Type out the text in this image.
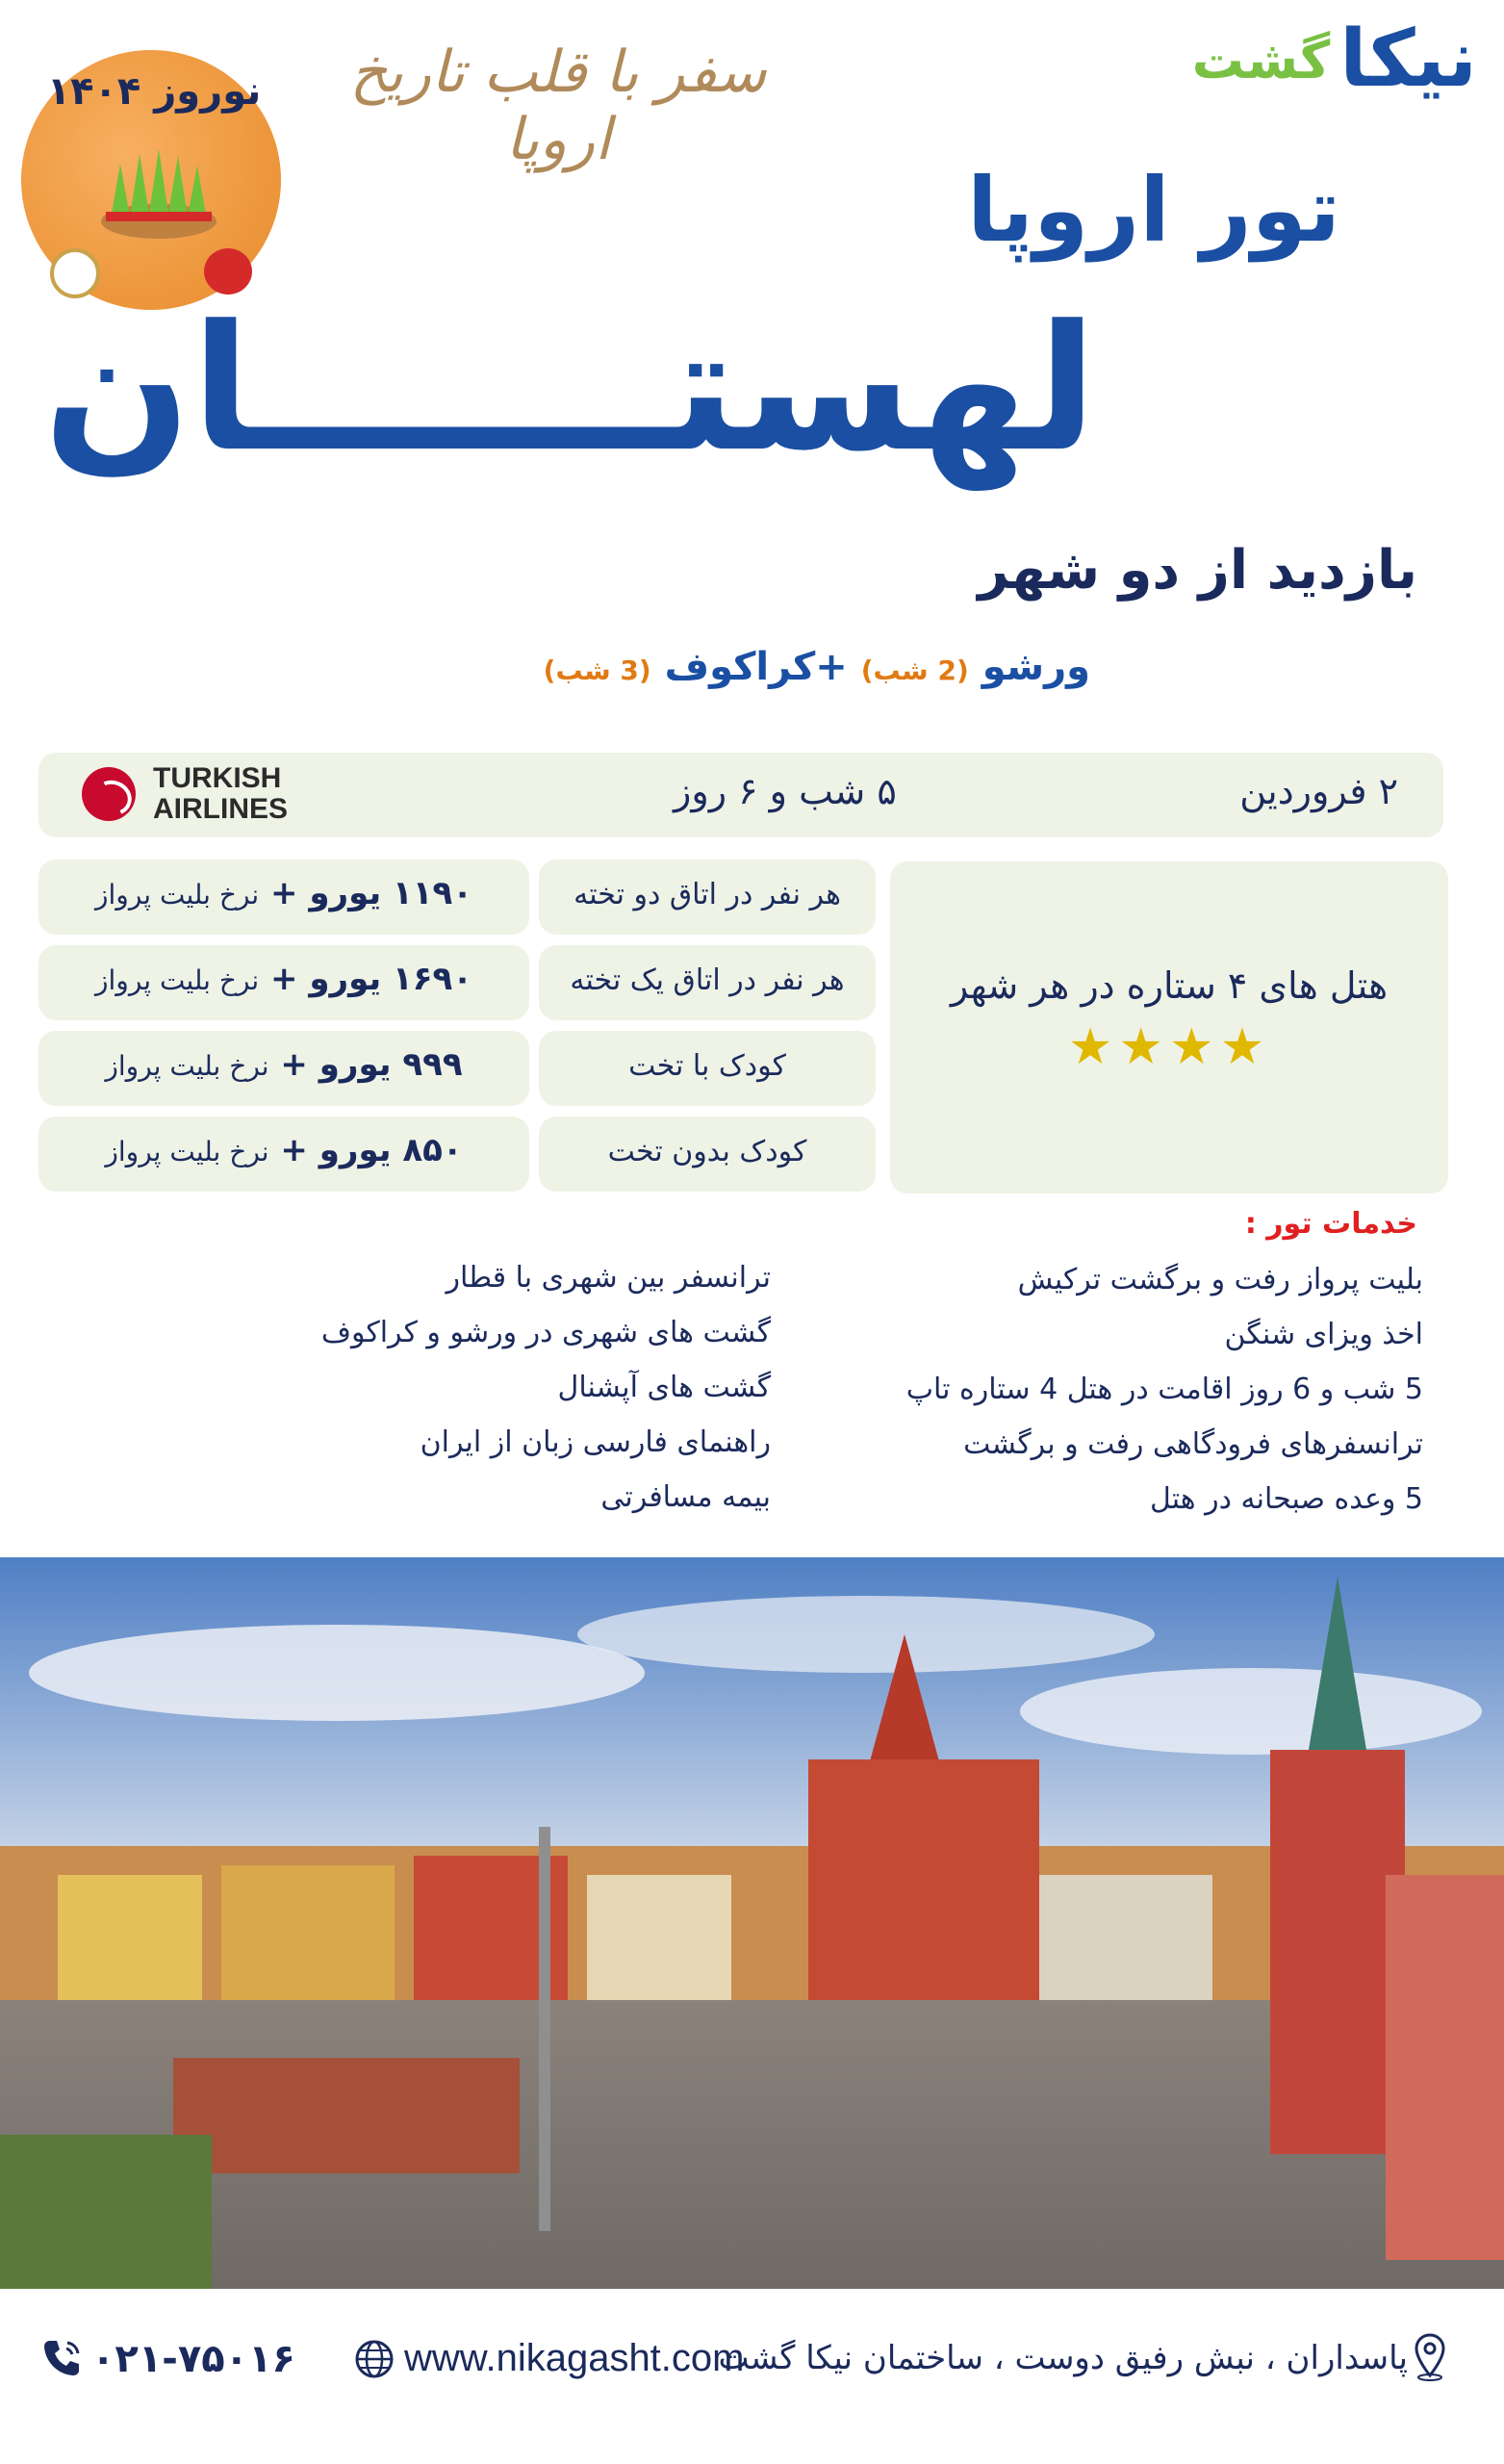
گشت نیکا
سفر با قلب تاریخ اروپا
نوروز ۱۴۰۴
تور اروپا
لهستـــــــان
بازدید از دو شهر
ورشو (2 شب) +کراکوف (3 شب)
۲ فروردین
۵ شب و ۶ روز
TURKISH
AIRLINES
هتل های ۴ ستاره در هر شهر
★★★★
هر نفر در اتاق دو تخته
۱۱۹۰ یورو + نرخ بلیت پرواز
هر نفر در اتاق یک تخته
۱۶۹۰ یورو + نرخ بلیت پرواز
کودک با تخت
۹۹۹ یورو + نرخ بلیت پرواز
کودک بدون تخت
۸۵۰ یورو + نرخ بلیت پرواز
خدمات تور :
بلیت پرواز رفت و برگشت ترکیش
اخذ ویزای شنگن
5 شب و 6 روز اقامت در هتل 4 ستاره تاپ
ترانسفرهای فرودگاهی رفت و برگشت
5 وعده صبحانه در هتل
ترانسفر بین شهری با قطار
گشت های شهری در ورشو و کراکوف
گشت های آپشنال
راهنمای فارسی زبان از ایران
بیمه مسافرتی
پاسداران ، نبش رفیق دوست ، ساختمان نیکا گشت
www.nikagasht.com
۰۲۱-۷۵۰۱۶
